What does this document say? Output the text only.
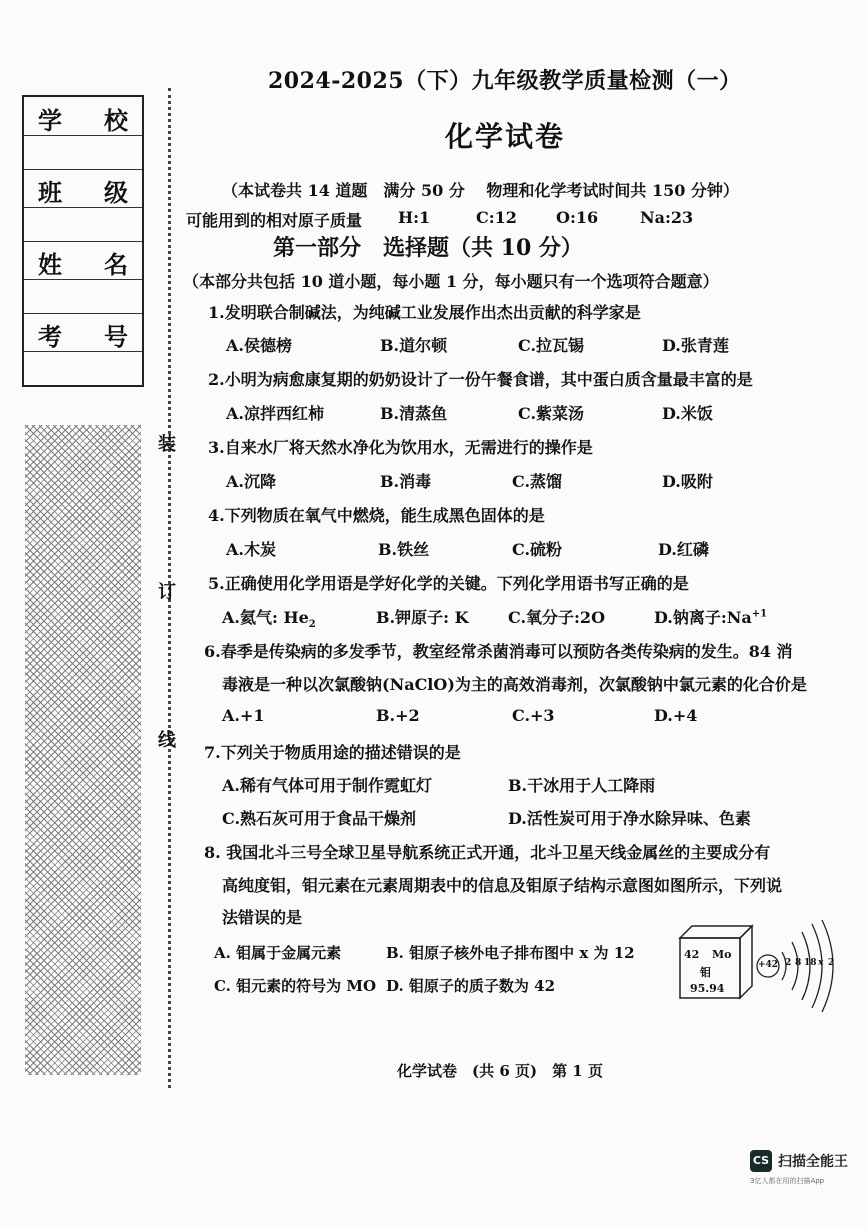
学 校
班 级
姓 名
考 号
装
订
线
2024-2025（下）九年级教学质量检测（一）
化学试卷
（本试卷共 14 道题　满分 50 分　 物理和化学考试时间共 150 分钟）
可能用到的相对原子质量 H:1	C:12 O:16	Na:23
第一部分　选择题（共 10 分）
（本部分共包括 10 道小题，每小题 1 分，每小题只有一个选项符合题意）
1.发明联合制碱法，为纯碱工业发展作出杰出贡献的科学家是
A.侯德榜	B.道尔顿	C.拉瓦锡	D.张青莲
2.小明为病愈康复期的奶奶设计了一份午餐食谱，其中蛋白质含量最丰富的是
A.凉拌西红柿	B.清蒸鱼	C.紫菜汤	D.米饭
3.自来水厂将天然水净化为饮用水，无需进行的操作是
A.沉降	B.消毒	C.蒸馏	D.吸附
4.下列物质在氧气中燃烧，能生成黑色固体的是
A.木炭	B.铁丝	C.硫粉	D.红磷
5.正确使用化学用语是学好化学的关键。下列化学用语书写正确的是
A.氦气: $He_2$	B.钾原子: K C.氧分子:2O	D.钠离子$:Na^{+1}$
6.春季是传染病的多发季节，教室经常杀菌消毒可以预防各类传染病的发生。84 消
毒液是一种以次氯酸钠(NaClO)为主的高效消毒剂，次氯酸钠中氯元素的化合价是
A.+1	B.+2	C.+3	D.+4
7.下列关于物质用途的描述错误的是
A.稀有气体可用于制作霓虹灯	B.干冰用于人工降雨
C.熟石灰可用于食品干燥剂	D.活性炭可用于净水除异味、色素
8. 我国北斗三号全球卫星导航系统正式开通，北斗卫星天线金属丝的主要成分有
高纯度钼，钼元素在元素周期表中的信息及钼原子结构示意图如图所示，下列说
法错误的是
A. 钼属于金属元素	B. 钼原子核外电子排布图中 x 为 12
C. 钼元素的符号为 MO D. 钼原子的质子数为 42
42 Mo
钼
95.94
+42 2 8 18 x 2
化学试卷　(共 6 页)　第 1 页
CS 扫描全能王
3亿人都在用的扫描App
